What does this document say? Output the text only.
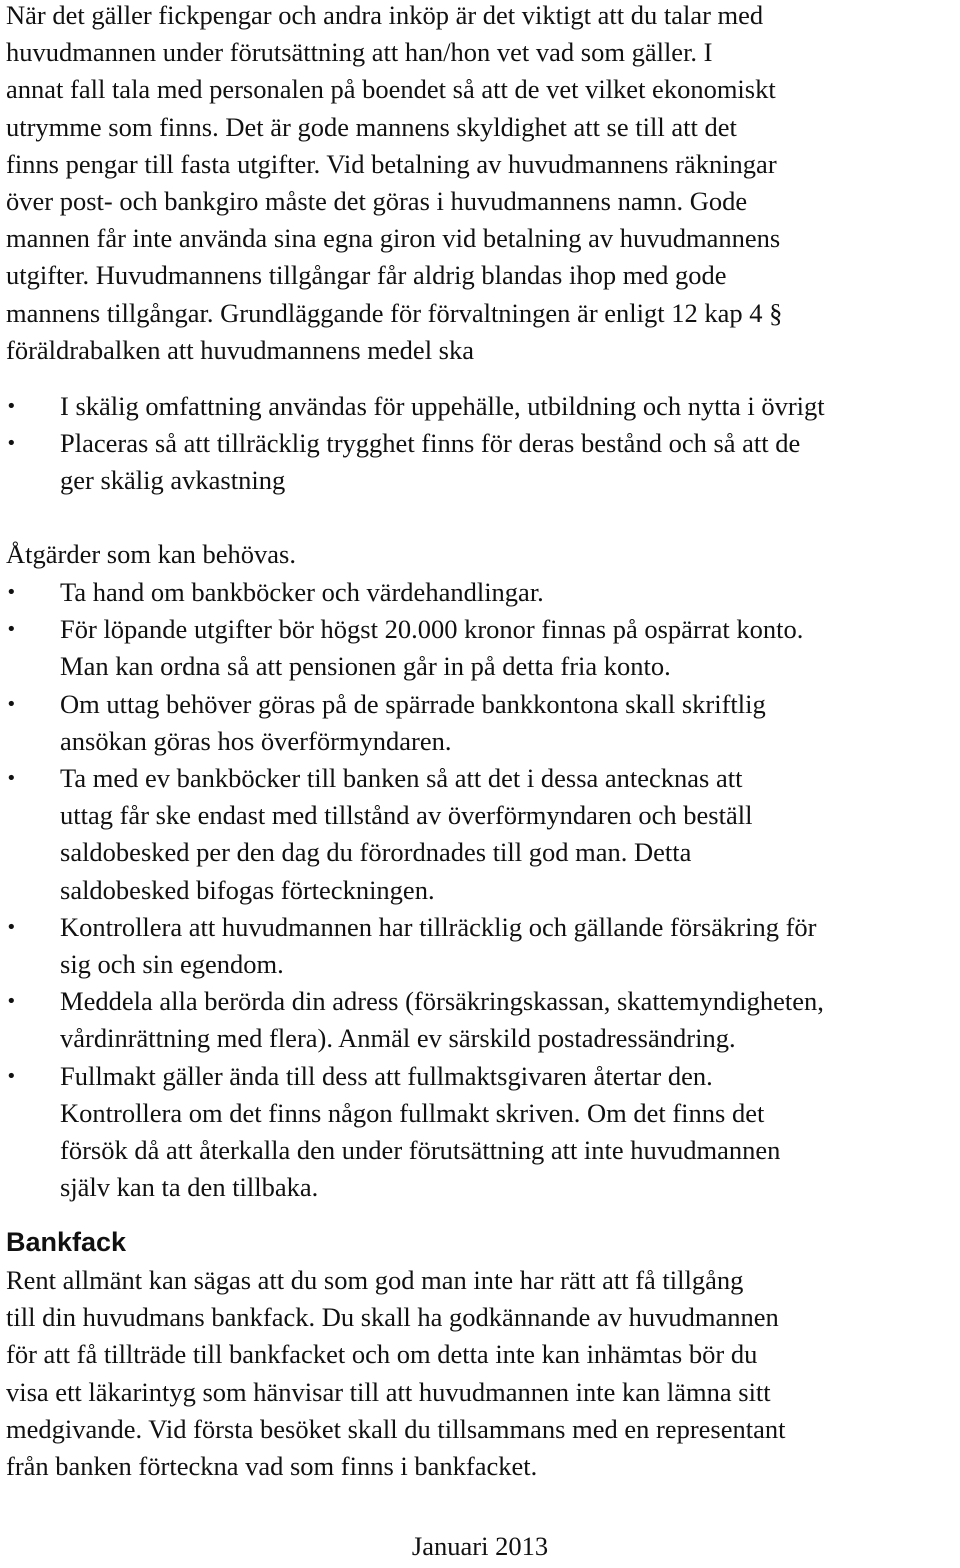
När det gäller fickpengar och andra inköp är det viktigt att du talar med
huvudmannen under förutsättning att han/hon vet vad som gäller. I
annat fall tala med personalen på boendet så att de vet vilket ekonomiskt
utrymme som finns. Det är gode mannens skyldighet att se till att det
finns pengar till fasta utgifter. Vid betalning av huvudmannens räkningar
över post- och bankgiro måste det göras i huvudmannens namn. Gode
mannen får inte använda sina egna giron vid betalning av huvudmannens
utgifter. Huvudmannens tillgångar får aldrig blandas ihop med gode
mannens tillgångar. Grundläggande för förvaltningen är enligt 12 kap 4 §
föräldrabalken att huvudmannens medel ska

• I skälig omfattning användas för uppehälle, utbildning och nytta i övrigt
• Placeras så att tillräcklig trygghet finns för deras bestånd och så att de
ger skälig avkastning

Åtgärder som kan behövas.

• Ta hand om bankböcker och värdehandlingar.
• För löpande utgifter bör högst 20.000 kronor finnas på ospärrat konto.
Man kan ordna så att pensionen går in på detta fria konto.
• Om uttag behöver göras på de spärrade bankkontona skall skriftlig
ansökan göras hos överförmyndaren.
• Ta med ev bankböcker till banken så att det i dessa antecknas att
uttag får ske endast med tillstånd av överförmyndaren och beställ
saldobesked per den dag du förordnades till god man. Detta
saldobesked bifogas förteckningen.
• Kontrollera att huvudmannen har tillräcklig och gällande försäkring för
sig och sin egendom.
• Meddela alla berörda din adress (försäkringskassan, skattemyndigheten,
vårdinrättning med flera). Anmäl ev särskild postadressändring.
• Fullmakt gäller ända till dess att fullmaktsgivaren återtar den.
Kontrollera om det finns någon fullmakt skriven. Om det finns det
försök då att återkalla den under förutsättning att inte huvudmannen
själv kan ta den tillbaka.
Bankfack

Rent allmänt kan sägas att du som god man inte har rätt att få tillgång
till din huvudmans bankfack. Du skall ha godkännande av huvudmannen
för att få tillträde till bankfacket och om detta inte kan inhämtas bör du
visa ett läkarintyg som hänvisar till att huvudmannen inte kan lämna sitt
medgivande. Vid första besöket skall du tillsammans med en representant
från banken förteckna vad som finns i bankfacket.

Januari 2013
